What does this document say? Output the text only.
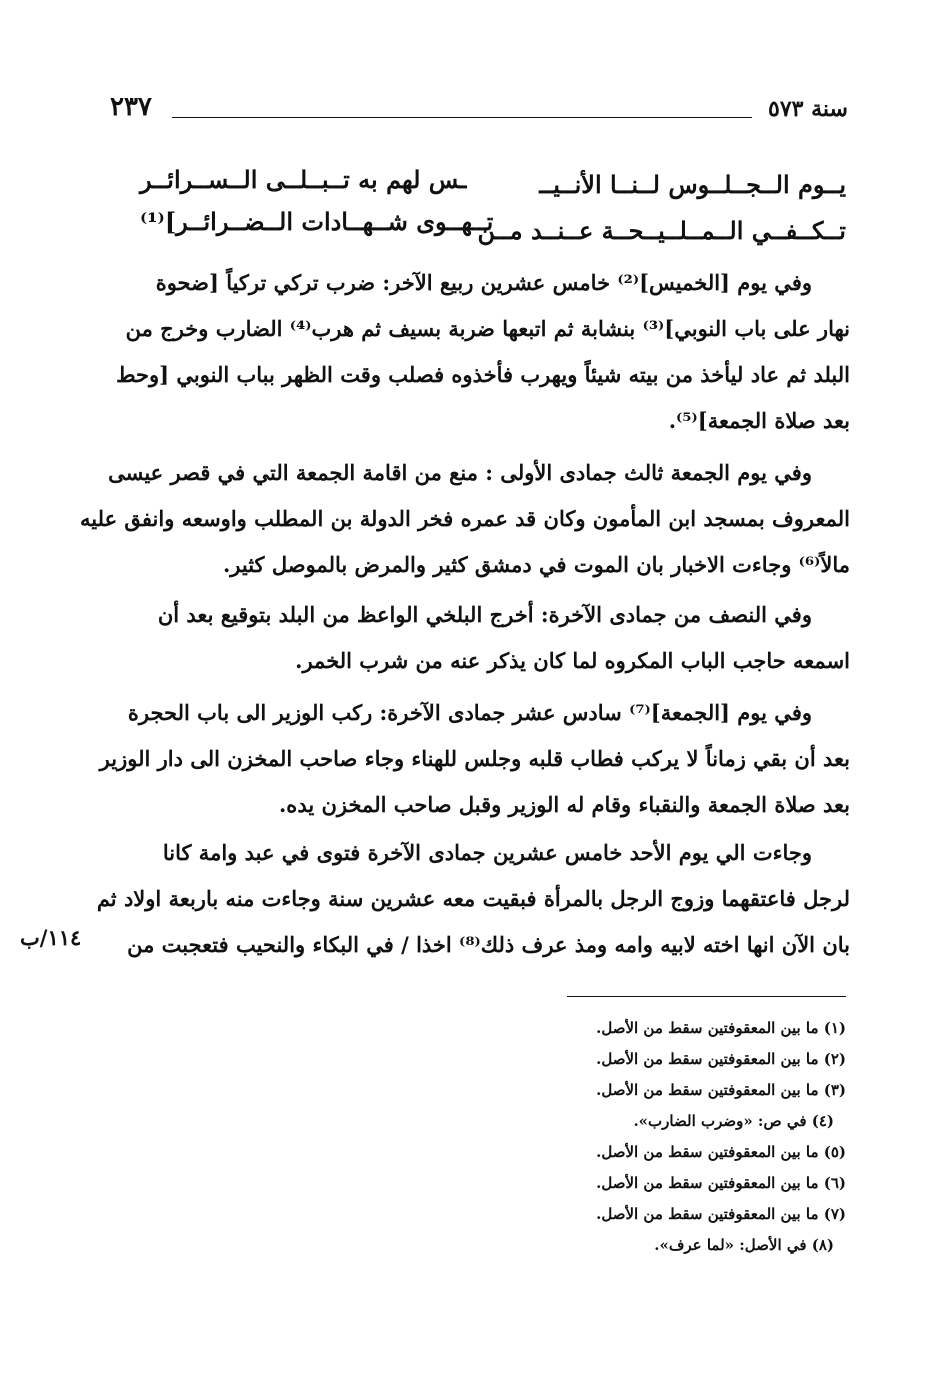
سنة ٥٧٣
٢٣٧
يــوم الــجــلــوس لــنــا الأنــيــ
ـس لهم به تــبــلــى الــســرائــر
تــكــفــي الــمــلــيــحــة عــنــد مــن
تــهــوى شــهــادات الــضــرائــر]⁽¹⁾
وفي يوم [الخميس]⁽²⁾ خامس عشرين ربيع الآخر: ضرب تركي تركياً [ضحوة
نهار على باب النوبي]⁽³⁾ بنشابة ثم اتبعها ضربة بسيف ثم هرب⁽⁴⁾ الضارب وخرج من
البلد ثم عاد ليأخذ من بيته شيئاً ويهرب فأخذوه فصلب وقت الظهر بباب النوبي [وحط
بعد صلاة الجمعة]⁽⁵⁾.
وفي يوم الجمعة ثالث جمادى الأولى : منع من اقامة الجمعة التي في قصر عيسى
المعروف بمسجد ابن المأمون وكان قد عمره فخر الدولة بن المطلب واوسعه وانفق عليه
مالاً⁽⁶⁾ وجاءت الاخبار بان الموت في دمشق كثير والمرض بالموصل كثير.
وفي النصف من جمادى الآخرة: أخرج البلخي الواعظ من البلد بتوقيع بعد أن
اسمعه حاجب الباب المكروه لما كان يذكر عنه من شرب الخمر.
وفي يوم [الجمعة]⁽⁷⁾ سادس عشر جمادى الآخرة: ركب الوزير الى باب الحجرة
بعد أن بقي زماناً لا يركب فطاب قلبه وجلس للهناء وجاء صاحب المخزن الى دار الوزير
بعد صلاة الجمعة والنقباء وقام له الوزير وقبل صاحب المخزن يده.
وجاءت الي يوم الأحد خامس عشرين جمادى الآخرة فتوى في عبد وامة كانا
لرجل فاعتقهما وزوج الرجل بالمرأة فبقيت معه عشرين سنة وجاءت منه باربعة اولاد ثم
بان الآن انها اخته لابيه وامه ومذ عرف ذلك⁽⁸⁾ اخذا / في البكاء والنحيب فتعجبت من
١١٤/ب
(١) ما بين المعقوفتين سقط من الأصل.
(٢) ما بين المعقوفتين سقط من الأصل.
(٣) ما بين المعقوفتين سقط من الأصل.
(٤) في ص: «وضرب الضارب».
(٥) ما بين المعقوفتين سقط من الأصل.
(٦) ما بين المعقوفتين سقط من الأصل.
(٧) ما بين المعقوفتين سقط من الأصل.
(٨) في الأصل: «لما عرف».
